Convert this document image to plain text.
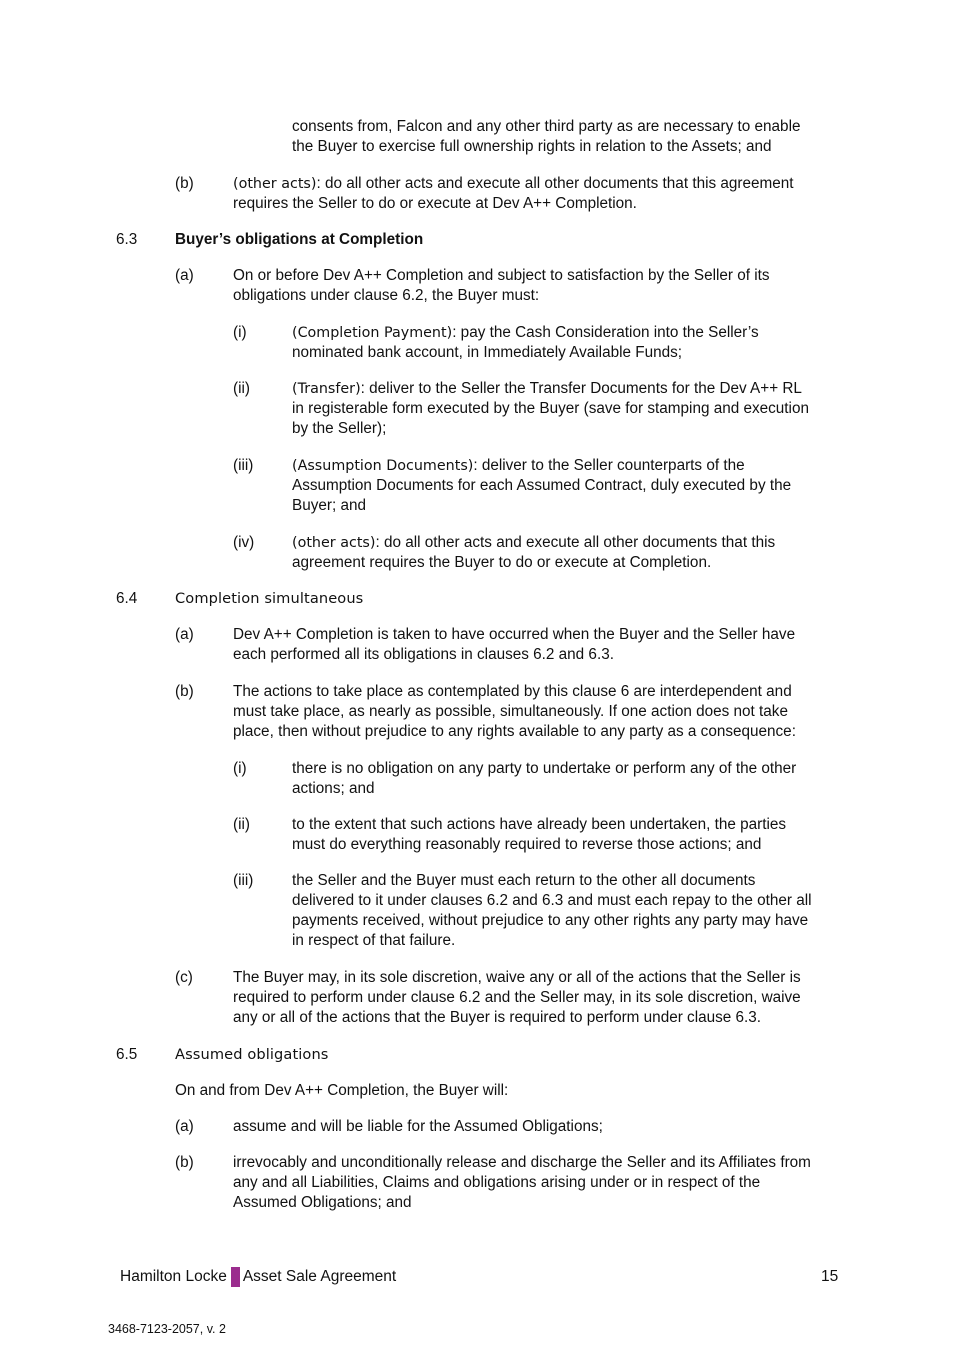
consents from, Falcon and any other third party as are necessary to enable
the Buyer to exercise full ownership rights in relation to the Assets; and
(b)	(other acts): do all other acts and execute all other documents that this agreement
requires the Seller to do or execute at Dev A++ Completion.
6.3 Buyer’s obligations at Completion
(a)	On or before Dev A++ Completion and subject to satisfaction by the Seller of its
obligations under clause 6.2, the Buyer must:
(i)	(Completion Payment): pay the Cash Consideration into the Seller’s
nominated bank account, in Immediately Available Funds;
(ii)	(Transfer): deliver to the Seller the Transfer Documents for the Dev A++ RL
in registerable form executed by the Buyer (save for stamping and execution
by the Seller);
(iii)	(Assumption Documents): deliver to the Seller counterparts of the
Assumption Documents for each Assumed Contract, duly executed by the
Buyer; and
(iv)	(other acts): do all other acts and execute all other documents that this
agreement requires the Buyer to do or execute at Completion.
6.4	Completion simultaneous
(a)	Dev A++ Completion is taken to have occurred when the Buyer and the Seller have
each performed all its obligations in clauses 6.2 and 6.3.
(b)	The actions to take place as contemplated by this clause 6 are interdependent and
must take place, as nearly as possible, simultaneously. If one action does not take
place, then without prejudice to any rights available to any party as a consequence:
(i)	there is no obligation on any party to undertake or perform any of the other
actions; and
(ii)	to the extent that such actions have already been undertaken, the parties
must do everything reasonably required to reverse those actions; and
(iii)	the Seller and the Buyer must each return to the other all documents
delivered to it under clauses 6.2 and 6.3 and must each repay to the other all
payments received, without prejudice to any other rights any party may have
in respect of that failure.
(c)	The Buyer may, in its sole discretion, waive any or all of the actions that the Seller is
required to perform under clause 6.2 and the Seller may, in its sole discretion, waive
any or all of the actions that the Buyer is required to perform under clause 6.3.
6.5	Assumed obligations
On and from Dev A++ Completion, the Buyer will:
(a)	assume and will be liable for the Assumed Obligations;
(b)	irrevocably and unconditionally release and discharge the Seller and its Affiliates from
any and all Liabilities, Claims and obligations arising under or in respect of the
Assumed Obligations; and
Hamilton Locke Asset Sale Agreement	15
3468-7123-2057, v. 2
